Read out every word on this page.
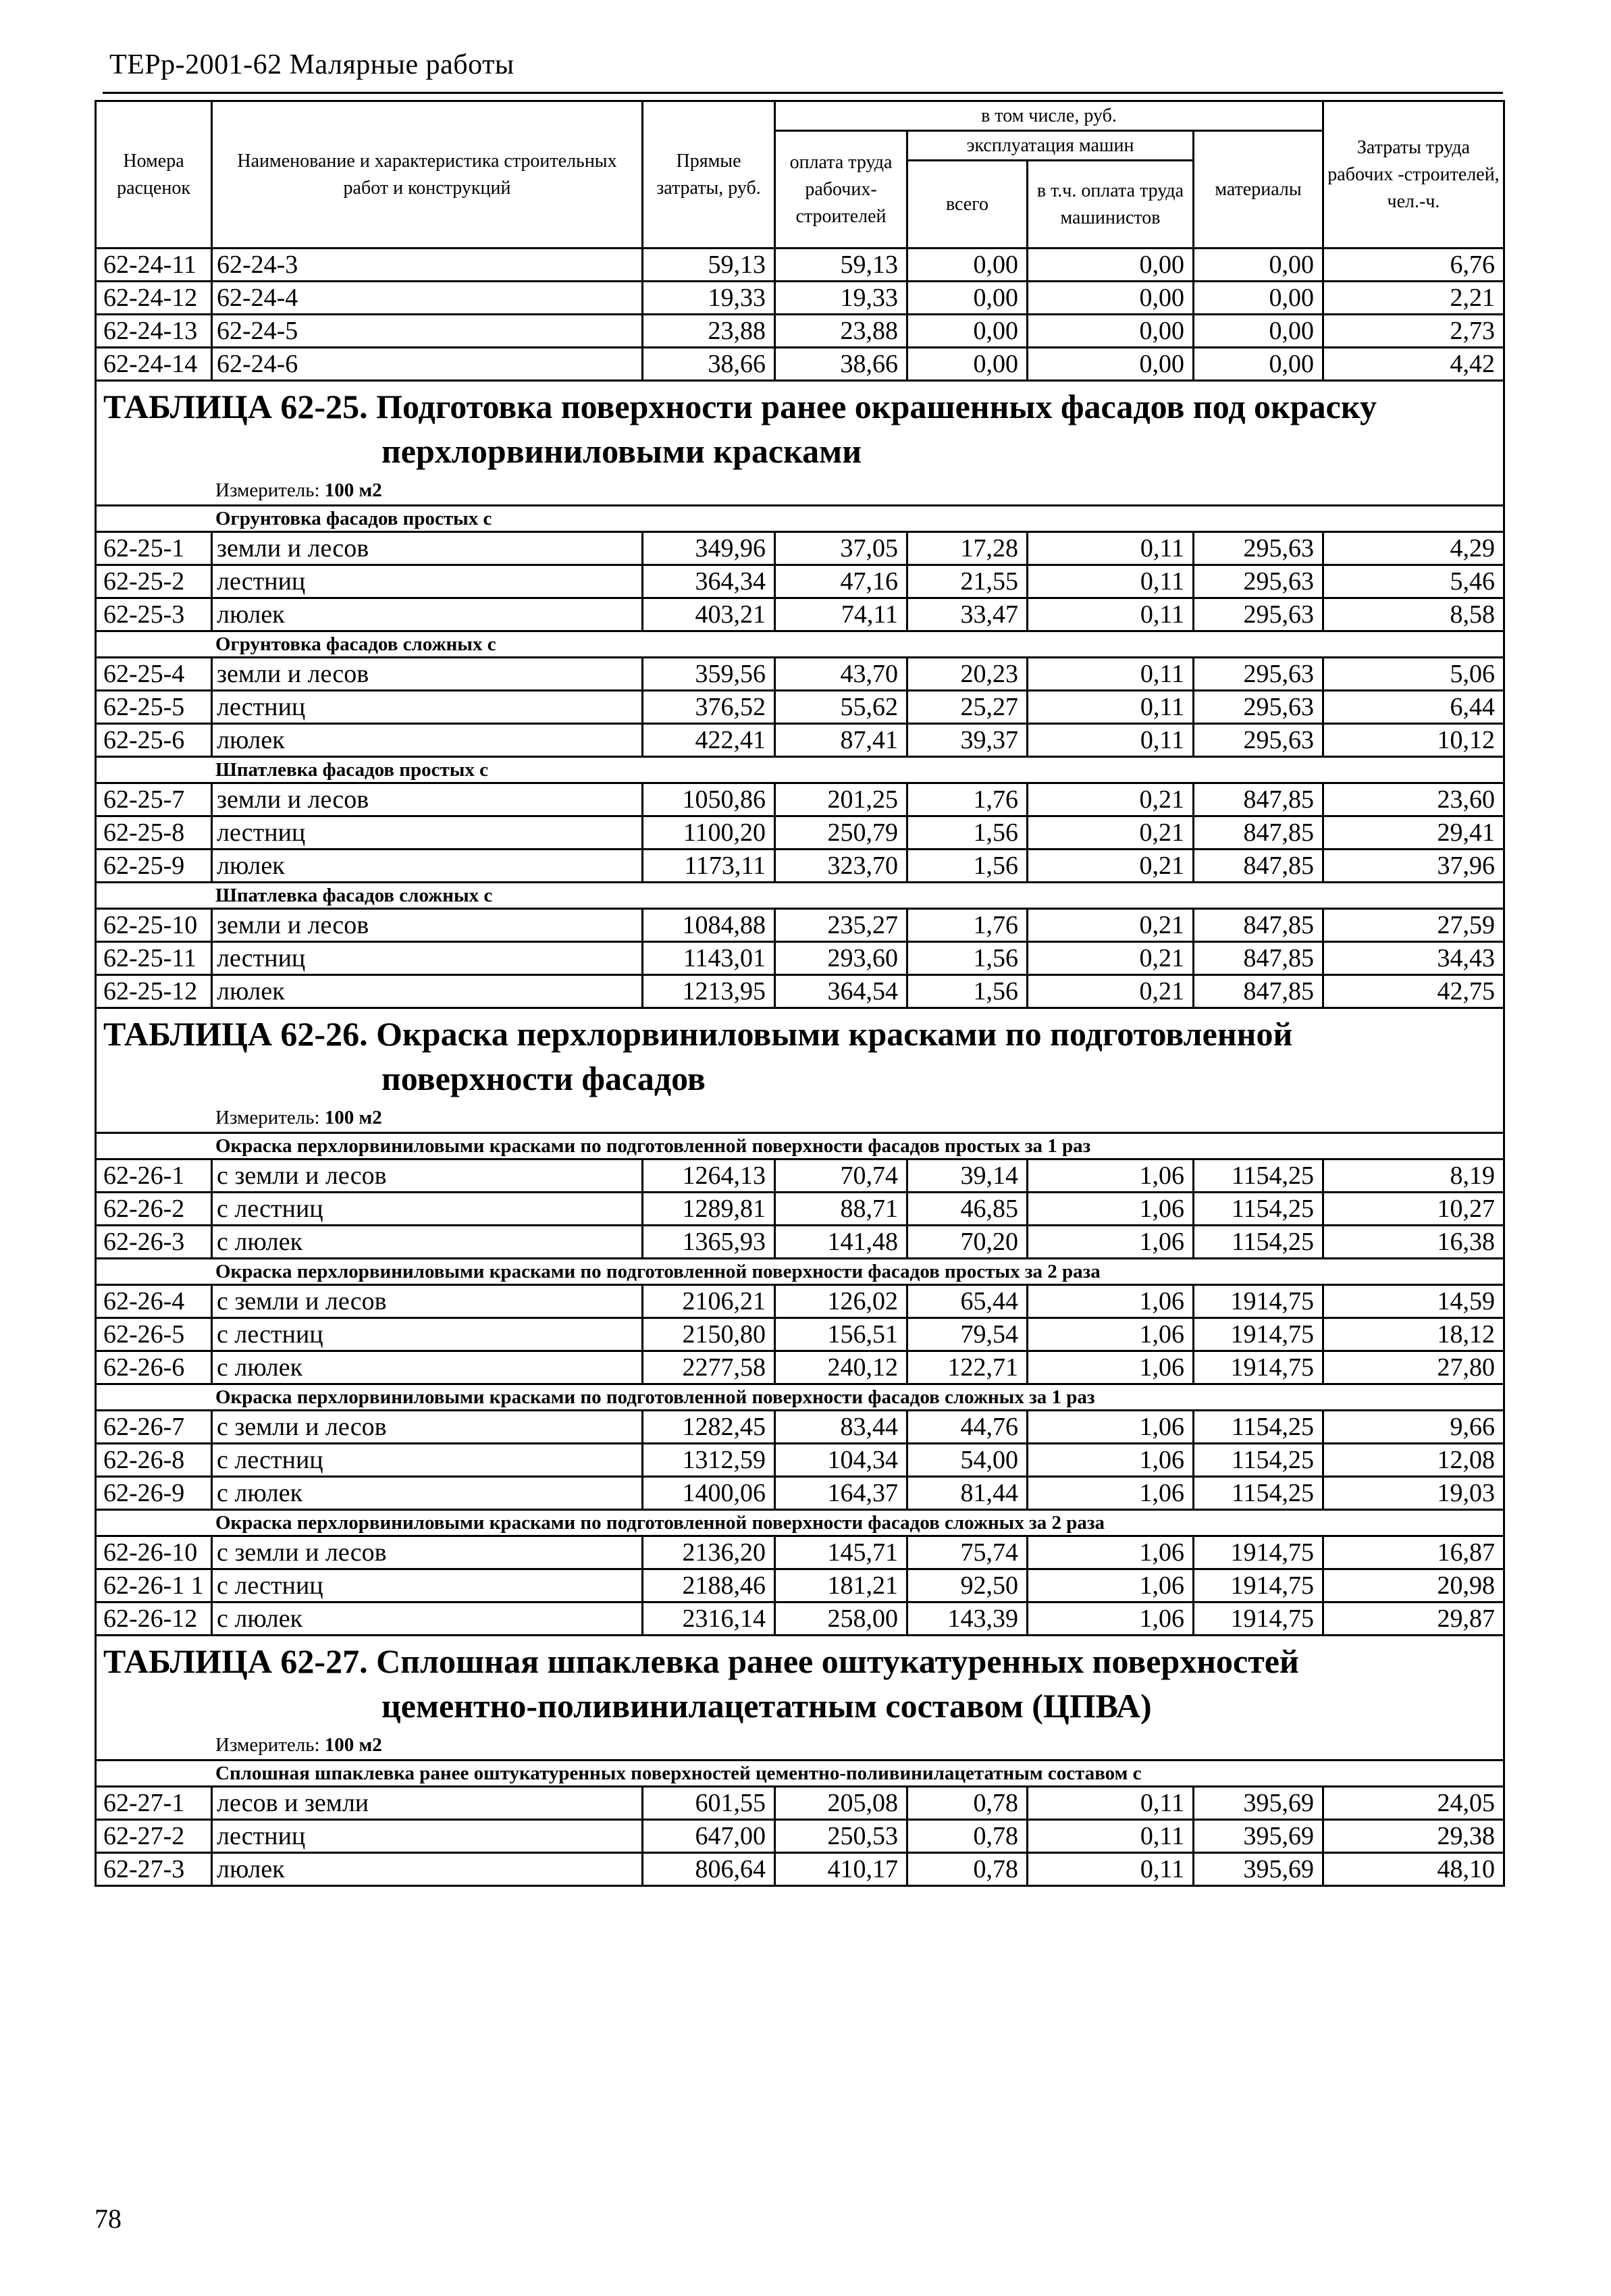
ТЕРр-2001-62 Малярные работы
Номера расценок	Наименование и характеристика строительных работ и конструкций	Прямые затраты, руб.	в том числе, руб.				Затраты труда рабочих -строителей, чел.-ч.
			оплата труда рабочих-строителей	эксплуатация машин		материалы	
				всего	в т.ч. оплата труда машинистов		
62-24-11	62-24-3	59,13	59,13	0,00	0,00	0,00	6,76
62-24-12	62-24-4	19,33	19,33	0,00	0,00	0,00	2,21
62-24-13	62-24-5	23,88	23,88	0,00	0,00	0,00	2,73
62-24-14	62-24-6	38,66	38,66	0,00	0,00	0,00	4,42
ТАБЛИЦА 62-25. Подготовка поверхности ранее окрашенных фасадов под окраску
перхлорвиниловыми красками							

Измеритель: 100 м2							
Огрунтовка фасадов простых с							
62-25-1	земли и лесов	349,96	37,05	17,28	0,11	295,63	4,29
62-25-2	лестниц	364,34	47,16	21,55	0,11	295,63	5,46
62-25-3	люлек	403,21	74,11	33,47	0,11	295,63	8,58
Огрунтовка фасадов сложных с							
62-25-4	земли и лесов	359,56	43,70	20,23	0,11	295,63	5,06
62-25-5	лестниц	376,52	55,62	25,27	0,11	295,63	6,44
62-25-6	люлек	422,41	87,41	39,37	0,11	295,63	10,12
Шпатлевка фасадов простых с							
62-25-7	земли и лесов	1050,86	201,25	1,76	0,21	847,85	23,60
62-25-8	лестниц	1100,20	250,79	1,56	0,21	847,85	29,41
62-25-9	люлек	1173,11	323,70	1,56	0,21	847,85	37,96
Шпатлевка фасадов сложных с							
62-25-10	земли и лесов	1084,88	235,27	1,76	0,21	847,85	27,59
62-25-11	лестниц	1143,01	293,60	1,56	0,21	847,85	34,43
62-25-12	люлек	1213,95	364,54	1,56	0,21	847,85	42,75
ТАБЛИЦА 62-26. Окраска перхлорвиниловыми красками по подготовленной
поверхности фасадов							

Измеритель: 100 м2							
Окраска перхлорвиниловыми красками по подготовленной поверхности фасадов простых за 1 раз							
62-26-1	с земли и лесов	1264,13	70,74	39,14	1,06	1154,25	8,19
62-26-2	с лестниц	1289,81	88,71	46,85	1,06	1154,25	10,27
62-26-3	с люлек	1365,93	141,48	70,20	1,06	1154,25	16,38
Окраска перхлорвиниловыми красками по подготовленной поверхности фасадов простых за 2 раза							
62-26-4	с земли и лесов	2106,21	126,02	65,44	1,06	1914,75	14,59
62-26-5	с лестниц	2150,80	156,51	79,54	1,06	1914,75	18,12
62-26-6	с люлек	2277,58	240,12	122,71	1,06	1914,75	27,80
Окраска перхлорвиниловыми красками по подготовленной поверхности фасадов сложных за 1 раз							
62-26-7	с земли и лесов	1282,45	83,44	44,76	1,06	1154,25	9,66
62-26-8	с лестниц	1312,59	104,34	54,00	1,06	1154,25	12,08
62-26-9	с люлек	1400,06	164,37	81,44	1,06	1154,25	19,03
Окраска перхлорвиниловыми красками по подготовленной поверхности фасадов сложных за 2 раза							
62-26-10	с земли и лесов	2136,20	145,71	75,74	1,06	1914,75	16,87
62-26-1 1	с лестниц	2188,46	181,21	92,50	1,06	1914,75	20,98
62-26-12	с люлек	2316,14	258,00	143,39	1,06	1914,75	29,87
ТАБЛИЦА 62-27. Сплошная шпаклевка ранее оштукатуренных поверхностей
цементно-поливинилацетатным составом (ЦПВА)							

Измеритель: 100 м2							
Сплошная шпаклевка ранее оштукатуренных поверхностей цементно-поливинилацетатным составом с							
62-27-1	лесов и земли	601,55	205,08	0,78	0,11	395,69	24,05
62-27-2	лестниц	647,00	250,53	0,78	0,11	395,69	29,38
62-27-3	люлек	806,64	410,17	0,78	0,11	395,69	48,10
78
